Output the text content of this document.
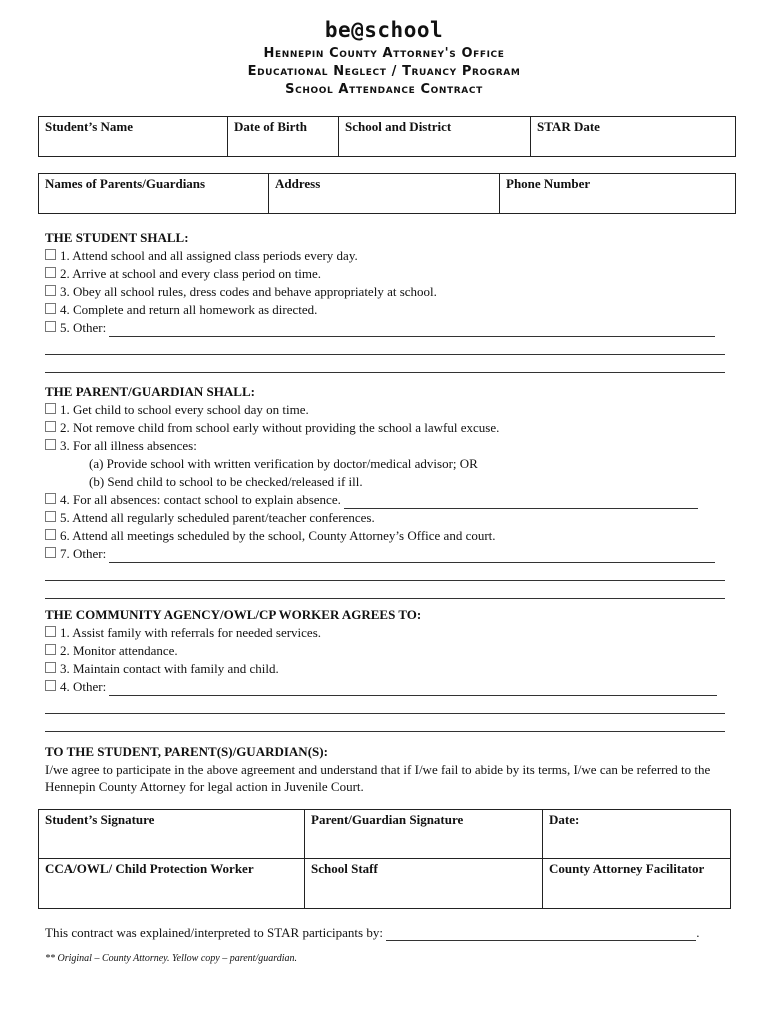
be@school
Hennepin County Attorney's Office
Educational Neglect / Truancy Program
School Attendance Contract
Student’s Name	Date of Birth	School and District	STAR Date
Names of Parents/Guardians	Address	Phone Number
THE STUDENT SHALL:
1. Attend school and all assigned class periods every day.
2. Arrive at school and every class period on time.
3. Obey all school rules, dress codes and behave appropriately at school.
4. Complete and return all homework as directed.
5. Other:
THE PARENT/GUARDIAN SHALL:
1. Get child to school every school day on time.
2. Not remove child from school early without providing the school a lawful excuse.
3. For all illness absences:
(a) Provide school with written verification by doctor/medical advisor; OR
(b) Send child to school to be checked/released if ill.
4. For all absences: contact school to explain absence.
5. Attend all regularly scheduled parent/teacher conferences.
6. Attend all meetings scheduled by the school, County Attorney’s Office and court.
7. Other:
THE COMMUNITY AGENCY/OWL/CP WORKER AGREES TO:
1. Assist family with referrals for needed services.
2. Monitor attendance.
3. Maintain contact with family and child.
4. Other:
TO THE STUDENT, PARENT(S)/GUARDIAN(S):
I/we agree to participate in the above agreement and understand that if I/we fail to abide by its terms, I/we can be referred to the Hennepin County Attorney for legal action in Juvenile Court.
Student’s Signature	Parent/Guardian Signature	Date:
CCA/OWL/ Child Protection Worker	School Staff	County Attorney Facilitator
This contract was explained/interpreted to STAR participants by:	.
** Original – County Attorney. Yellow copy – parent/guardian.
